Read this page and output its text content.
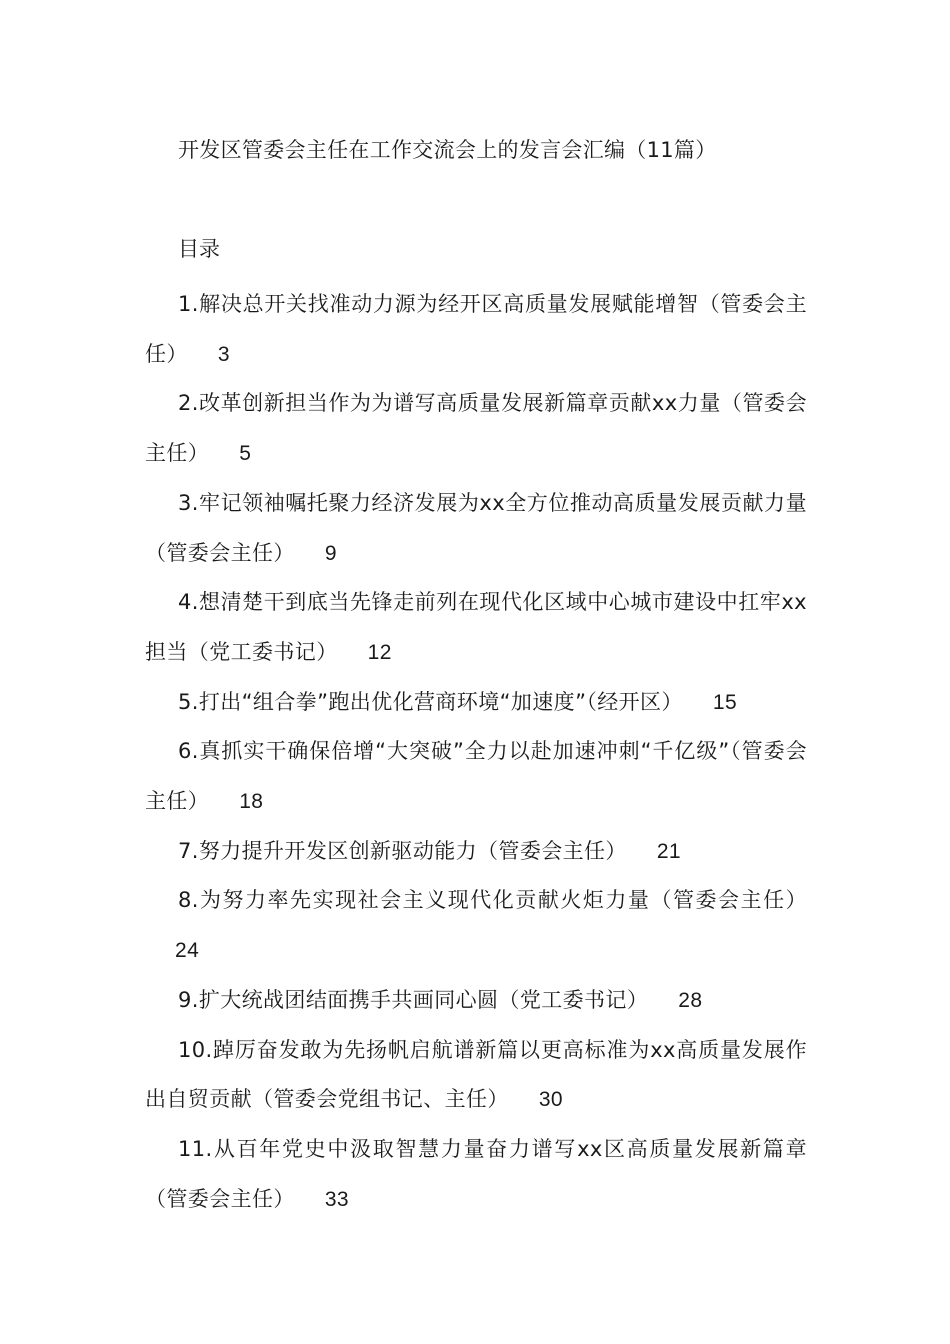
开发区管委会主任在工作交流会上的发言会汇编（11篇）
目录
1.解决总开关找准动力源为经开区高质量发展赋能增智（管委会主任） 3
2.改革创新担当作为为谱写高质量发展新篇章贡献xx力量（管委会主任） 5
3.牢记领袖嘱托聚力经济发展为xx全方位推动高质量发展贡献力量（管委会主任） 9
4.想清楚干到底当先锋走前列在现代化区域中心城市建设中扛牢xx担当（党工委书记） 12
5.打出“组合拳”跑出优化营商环境“加速度”（经开区） 15
6.真抓实干确保倍增“大突破”全力以赴加速冲刺“千亿级”（管委会主任） 18
7.努力提升开发区创新驱动能力（管委会主任） 21
8.为努力率先实现社会主义现代化贡献火炬力量（管委会主任）24
9.扩大统战团结面携手共画同心圆（党工委书记） 28
10.踔厉奋发敢为先扬帆启航谱新篇以更高标准为xx高质量发展作出自贸贡献（管委会党组书记、主任） 30
11.从百年党史中汲取智慧力量奋力谱写xx区高质量发展新篇章（管委会主任） 33
